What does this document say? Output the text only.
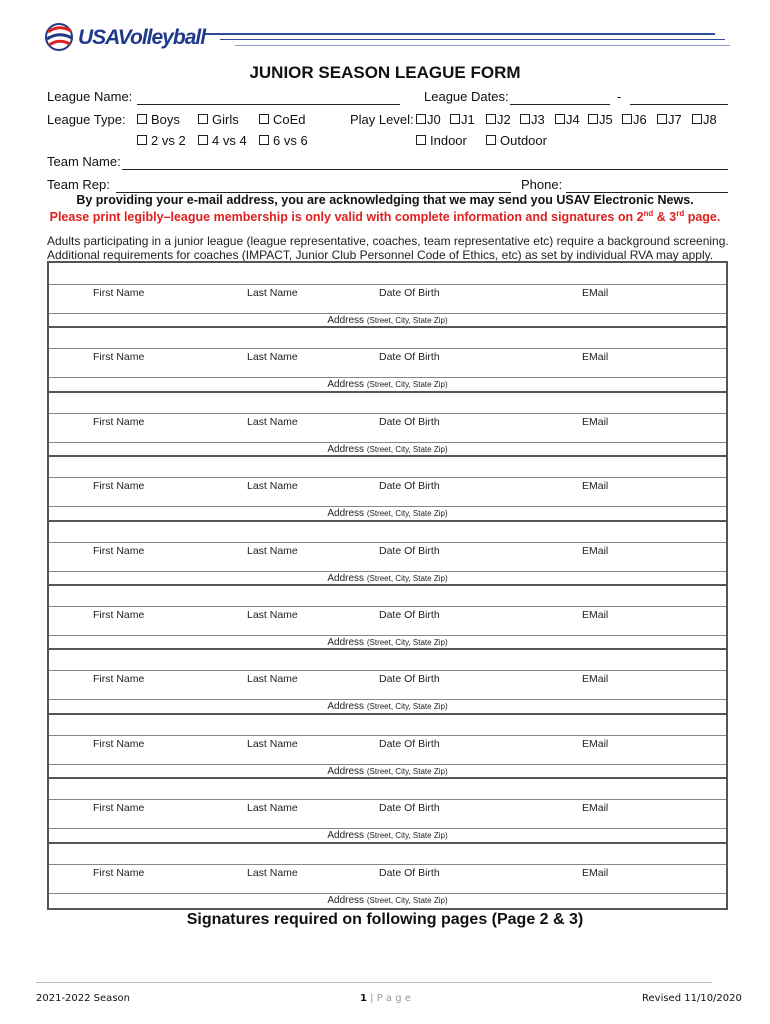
USAVolleyball
JUNIOR SEASON LEAGUE FORM
League Name:	League Dates:	-
League Type:	Boys	Girls	CoEd	Play Level:	J0	J1	J2	J3	J4	J5	J6	J7	J8
2 vs 2	4 vs 4	6 vs 6	Indoor	Outdoor
Team Name:
Team Rep:	Phone:
By providing your e-mail address, you are acknowledging that we may send you USAV Electronic News.
Please print legibly–league membership is only valid with complete information and signatures on 2nd & 3rd page.
Adults participating in a junior league (league representative, coaches, team representative etc) require a background screening.
Additional requirements for coaches (IMPACT, Junior Club Personnel Code of Ethics, etc) as set by individual RVA may apply.
First Name	Last Name	Date Of Birth	EMail
Address (Street, City, State Zip)
First Name	Last Name	Date Of Birth	EMail
Address (Street, City, State Zip)
First Name	Last Name	Date Of Birth	EMail
Address (Street, City, State Zip)
First Name	Last Name	Date Of Birth	EMail
Address (Street, City, State Zip)
First Name	Last Name	Date Of Birth	EMail
Address (Street, City, State Zip)
First Name	Last Name	Date Of Birth	EMail
Address (Street, City, State Zip)
First Name	Last Name	Date Of Birth	EMail
Address (Street, City, State Zip)
First Name	Last Name	Date Of Birth	EMail
Address (Street, City, State Zip)
First Name	Last Name	Date Of Birth	EMail
Address (Street, City, State Zip)
First Name	Last Name	Date Of Birth	EMail
Address (Street, City, State Zip)
Signatures required on following pages (Page 2 & 3)
2021-2022 Season	1 | P a g e	Revised 11/10/2020
